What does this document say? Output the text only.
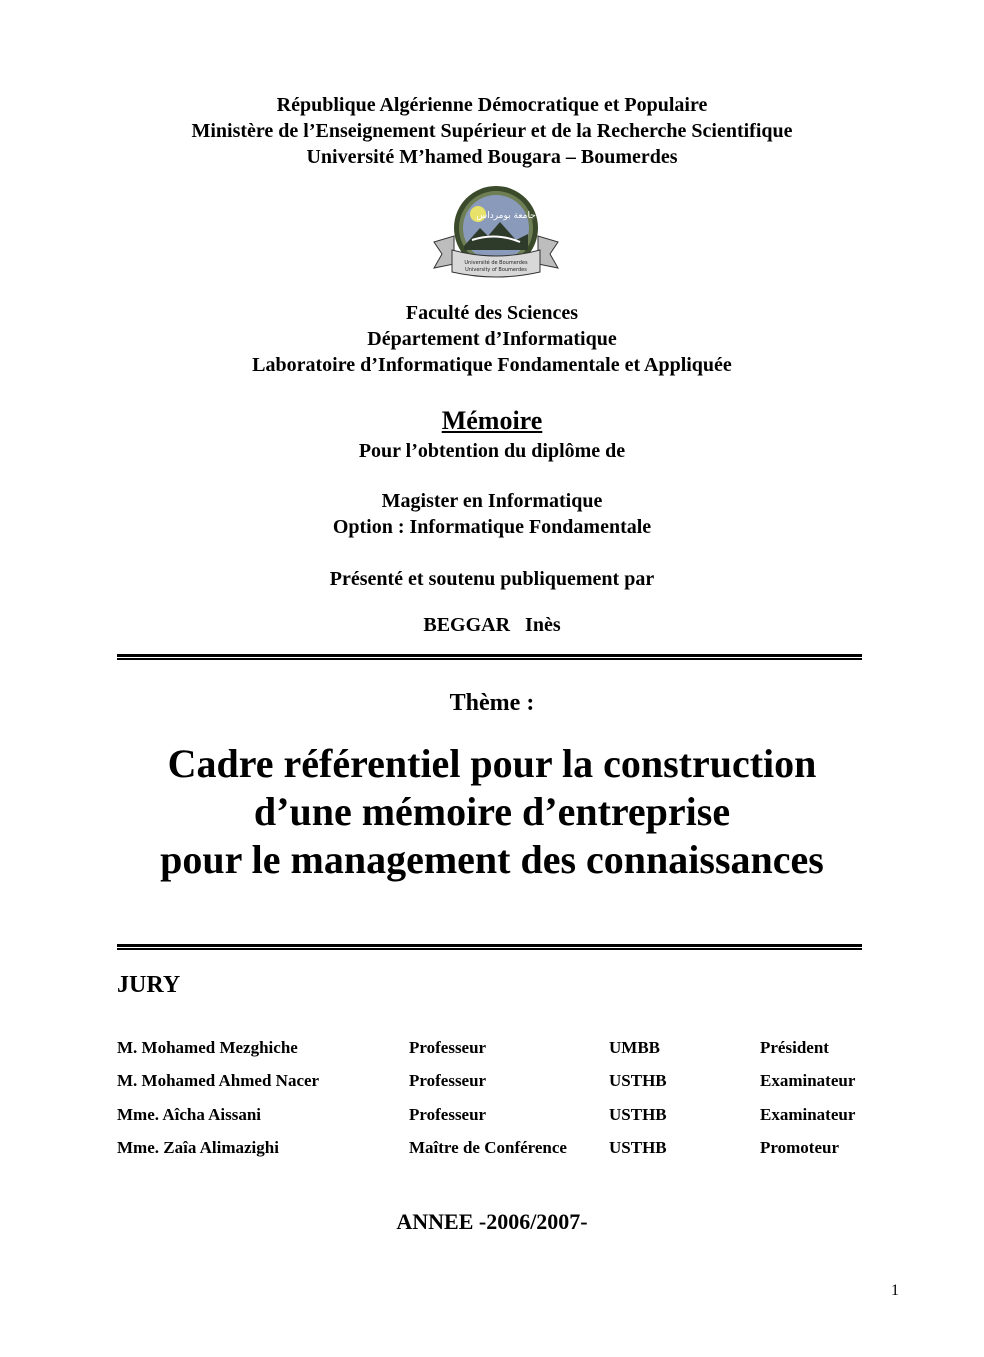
République Algérienne Démocratique et Populaire
Ministère de l’Enseignement Supérieur et de la Recherche Scientifique
Université M’hamed Bougara – Boumerdes
جامعة بومرداس
Université de Boumerdes
University of Boumerdes
Faculté des Sciences
Département d’Informatique
Laboratoire d’Informatique Fondamentale et Appliquée
Mémoire
Pour l’obtention du diplôme de
Magister en Informatique
Option : Informatique Fondamentale
Présenté et soutenu publiquement par
BEGGAR   Inès
Thème :
Cadre référentiel pour la construction
d’une mémoire d’entreprise
pour le management des connaissances
JURY
M. Mohamed Mezghiche	Professeur	UMBB	Président
M. Mohamed Ahmed Nacer	Professeur	USTHB	Examinateur
Mme. Aîcha Aissani	Professeur	USTHB	Examinateur
Mme. Zaîa Alimazighi	Maître de Conférence USTHB	Promoteur
ANNEE -2006/2007-
1
